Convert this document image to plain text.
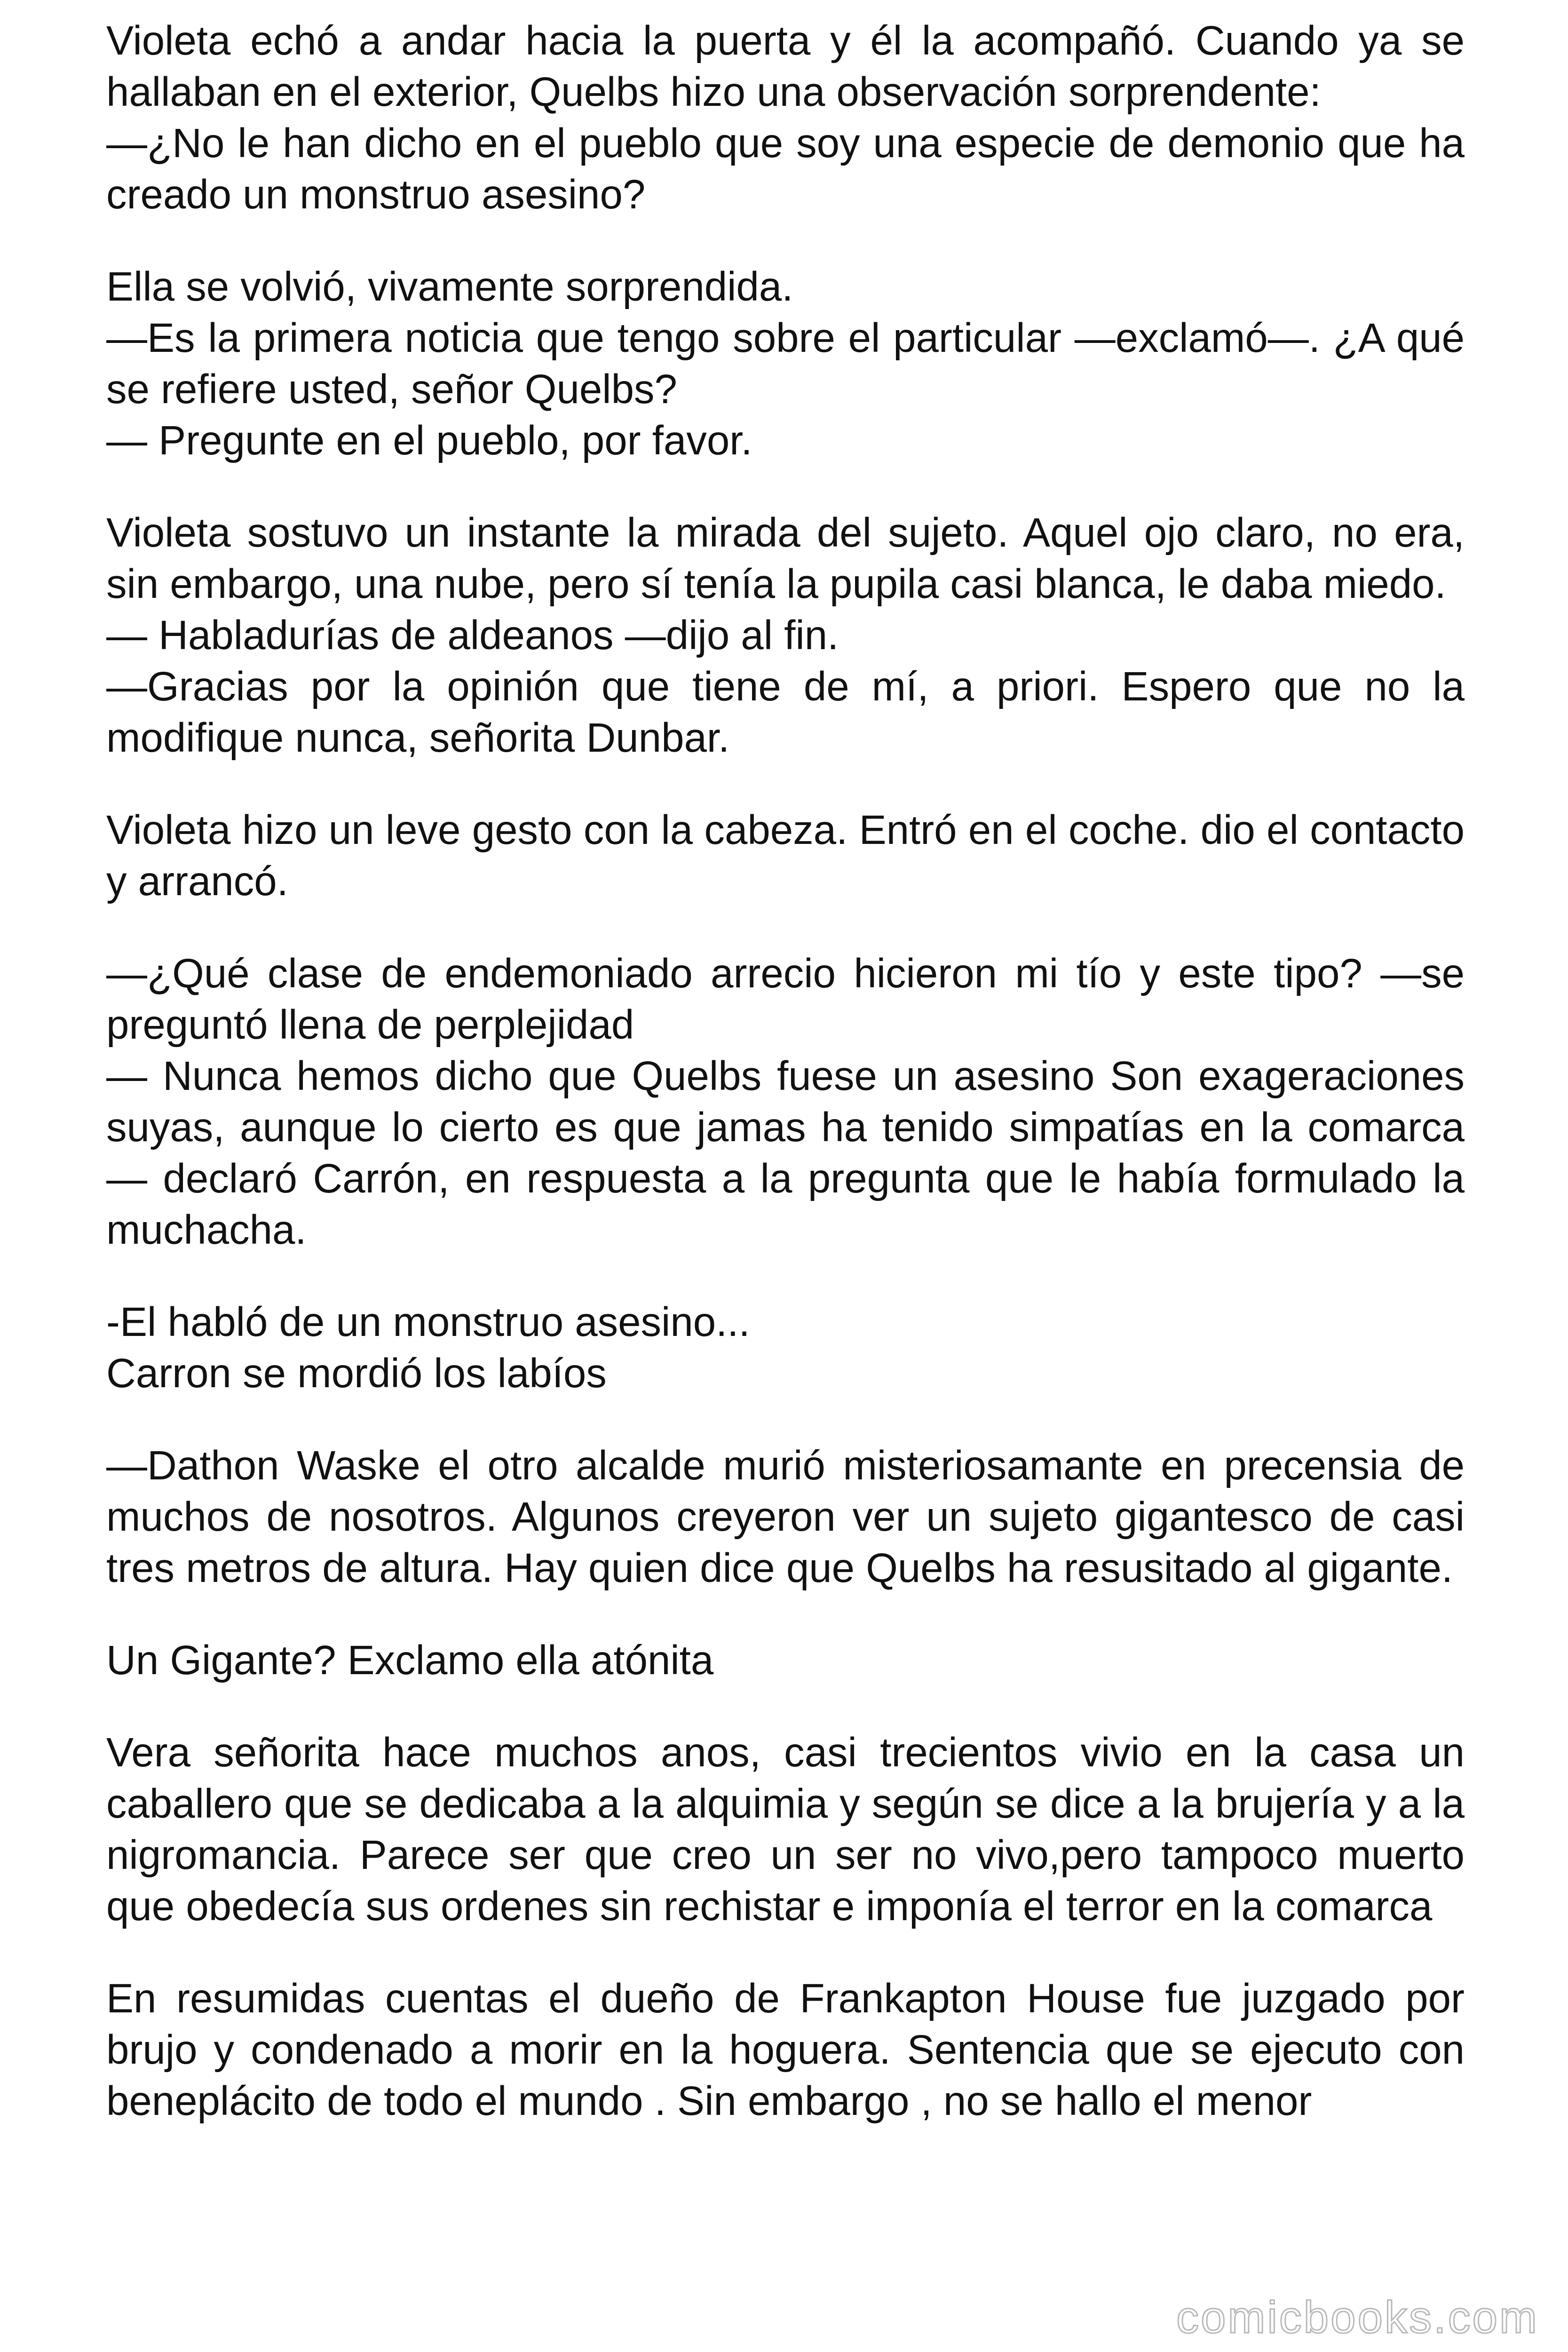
Violeta echó a andar hacia la puerta y él la acompañó. Cuando ya se hallaban en el exterior, Quelbs hizo una observación sorprendente:
—¿No le han dicho en el pueblo que soy una especie de demonio que ha creado un monstruo asesino?

Ella se volvió, vivamente sorprendida.
—Es la primera noticia que tengo sobre el particular —exclamó—. ¿A qué se refiere usted, señor Quelbs?
— Pregunte en el pueblo, por favor.

Violeta sostuvo un instante la mirada del sujeto. Aquel ojo claro, no era, sin embargo, una nube, pero sí tenía la pupila casi blanca, le daba miedo.
— Habladurías de aldeanos —dijo al fin.
—Gracias por la opinión que tiene de mí, a priori. Espero que no la modifique nunca, señorita Dunbar.

Violeta hizo un leve gesto con la cabeza. Entró en el coche. dio el contacto y arrancó.

—¿Qué clase de endemoniado arrecio hicieron mi tío y este tipo? —se preguntó llena de perplejidad
— Nunca hemos dicho que Quelbs fuese un asesino Son exageraciones suyas, aunque lo cierto es que jamas ha tenido simpatías en la comarca — declaró Carrón, en respuesta a la pregunta que le había formulado la muchacha.

-El habló de un monstruo asesino...
Carron se mordió los labíos

—Dathon Waske el otro alcalde murió misteriosamante en precensia de muchos de nosotros. Algunos creyeron ver un sujeto gigantesco de casi tres metros de altura. Hay quien dice que Quelbs ha resusitado al gigante.

Un Gigante? Exclamo ella atónita

Vera señorita hace muchos anos, casi trecientos vivio en la casa un caballero que se dedicaba a la alquimia y según se dice a la brujería y a la nigromancia. Parece ser que creo un ser no vivo,pero tampoco muerto que obedecía sus ordenes sin rechistar e imponía el terror en la comarca

En resumidas cuentas el dueño de Frankapton House fue juzgado por brujo y condenado a morir en la hoguera. Sentencia que se ejecuto con beneplácito de todo el mundo . Sin embargo , no se hallo el menor

comicbooks.com
